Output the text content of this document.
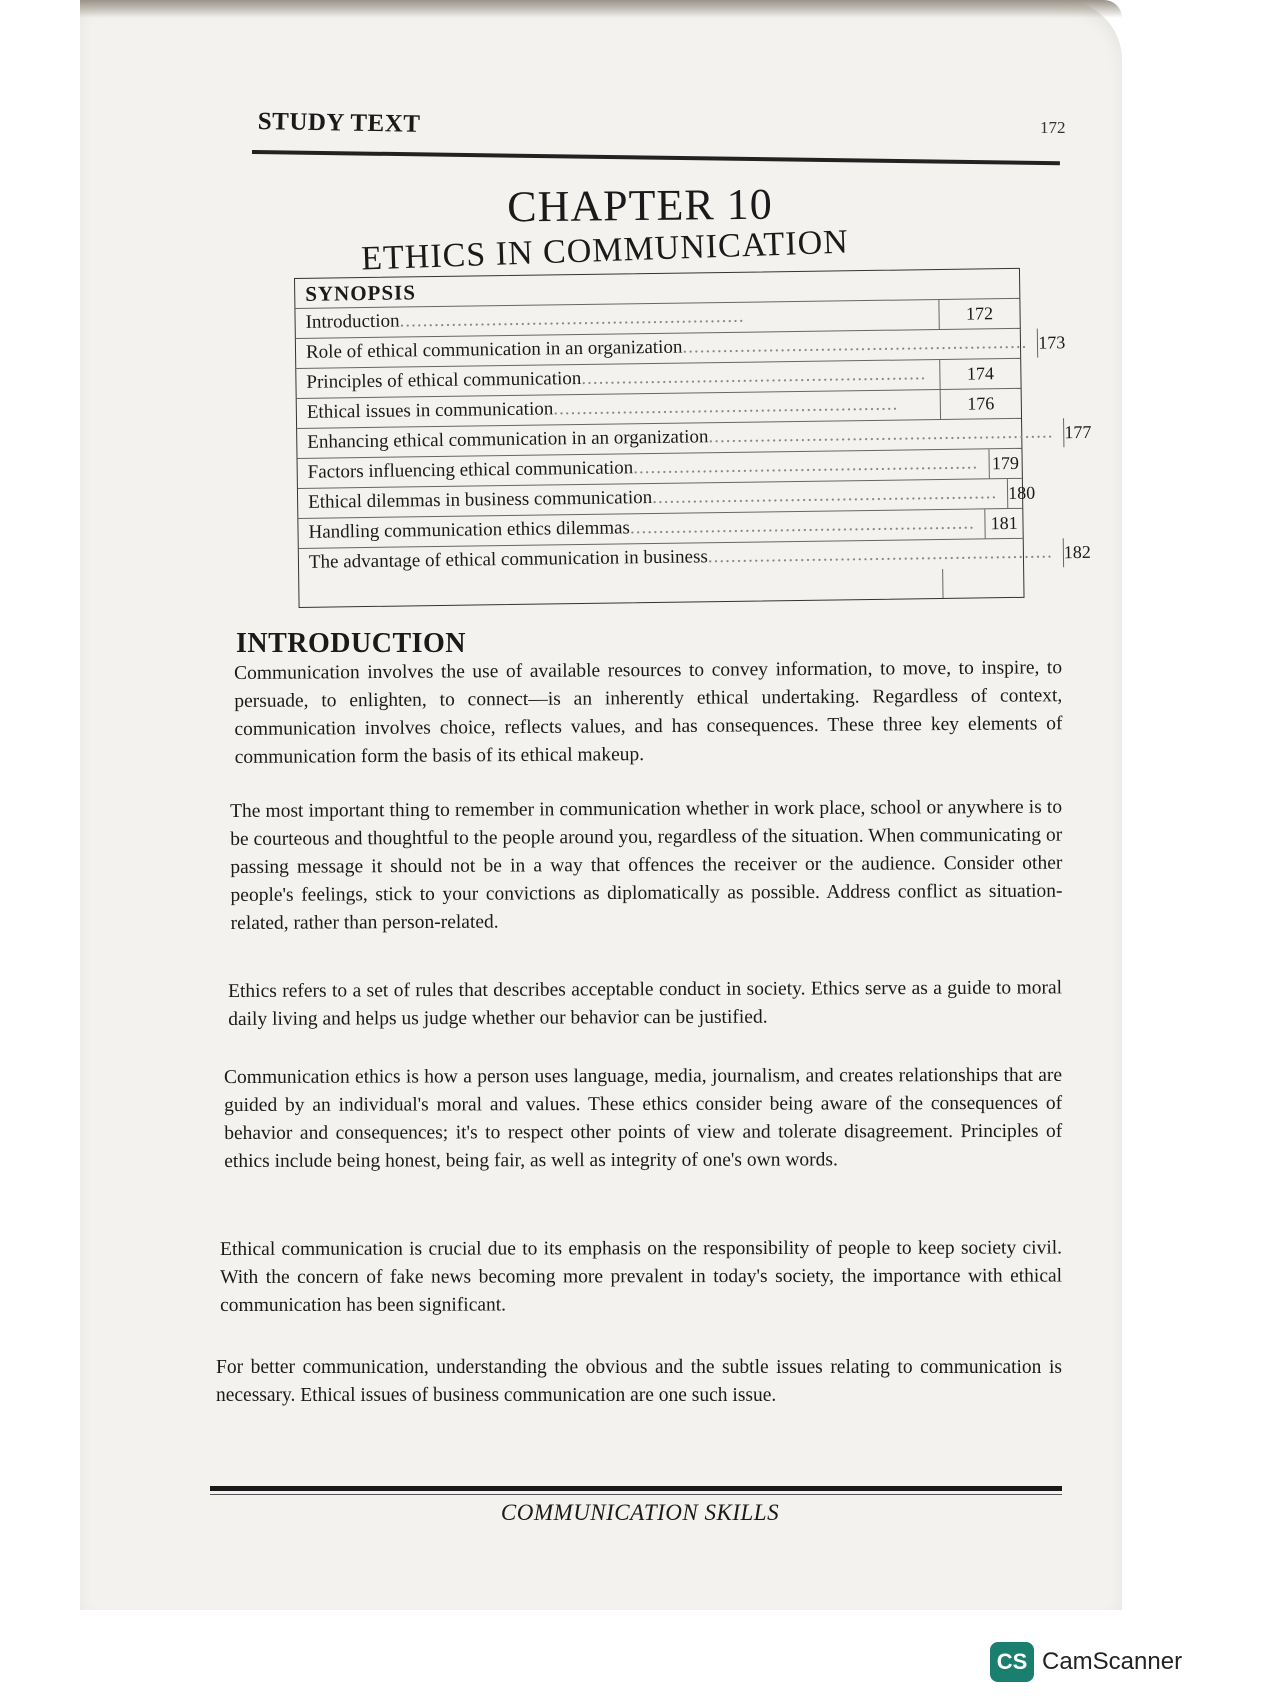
STUDY TEXT	172
CHAPTER 10
ETHICS IN COMMUNICATION
SYNOPSIS
Introduction............................................................	172
Role of ethical communication in an organization............................................................ 173
Principles of ethical communication............................................................	174
Ethical issues in communication............................................................	176
Enhancing ethical communication in an organization............................................................ 177
Factors influencing ethical communication............................................................ 179
Ethical dilemmas in business communication............................................................ 180
Handling communication ethics dilemmas............................................................ 181
The advantage of ethical communication in business............................................................ 182
INTRODUCTION
Communication involves the use of available resources to convey information, to move, to inspire, to persuade, to enlighten, to connect—is an inherently ethical undertaking. Regardless of context, communication involves choice, reflects values, and has consequences. These three key elements of communication form the basis of its ethical makeup.
The most important thing to remember in communication whether in work place, school or anywhere is to be courteous and thoughtful to the people around you, regardless of the situation. When communicating or passing message it should not be in a way that offences the receiver or the audience. Consider other people's feelings, stick to your convictions as diplomatically as possible. Address conflict as situation-related, rather than person-related.
Ethics refers to a set of rules that describes acceptable conduct in society. Ethics serve as a guide to moral daily living and helps us judge whether our behavior can be justified.
Communication ethics is how a person uses language, media, journalism, and creates relationships that are guided by an individual's moral and values. These ethics consider being aware of the consequences of behavior and consequences; it's to respect other points of view and tolerate disagreement. Principles of ethics include being honest, being fair, as well as integrity of one's own words.
Ethical communication is crucial due to its emphasis on the responsibility of people to keep society civil. With the concern of fake news becoming more prevalent in today's society, the importance with ethical communication has been significant.
For better communication, understanding the obvious and the subtle issues relating to communication is necessary. Ethical issues of business communication are one such issue.
COMMUNICATION SKILLS
CS CamScanner
